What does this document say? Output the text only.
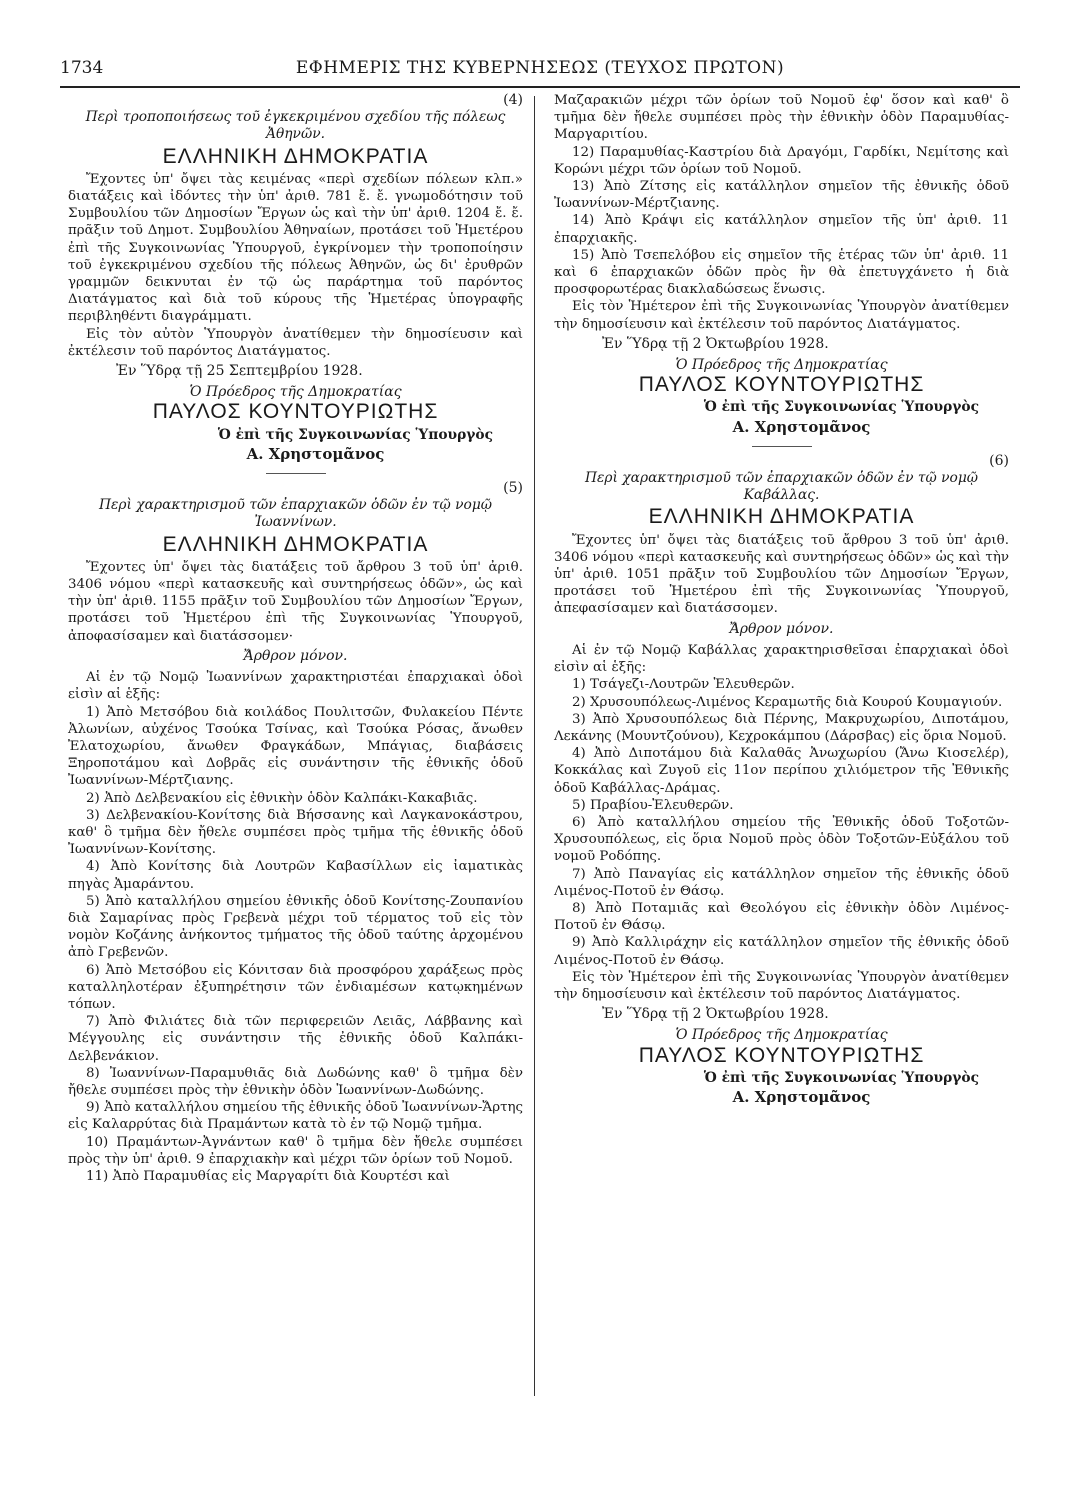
1734	ΕΦΗΜΕΡΙΣ ΤΗΣ ΚΥΒΕΡΝΗΣΕΩΣ (ΤΕΥΧΟΣ ΠΡΩΤΟΝ)

(4)

Περὶ τροποποιήσεως τοῦ ἐγκεκριμένου σχεδίου τῆς πόλεως Ἀθηνῶν.

ΕΛΛΗΝΙΚΗ ΔΗΜΟΚΡΑΤΙΑ

Ἔχοντες ὑπ' ὄψει τὰς κειμένας «περὶ σχεδίων πόλεων κλπ.» διατάξεις καὶ ἰδόντες τὴν ὑπ' ἀριθ. 781 ἔ. ἔ. γνωμοδότησιν τοῦ Συμβουλίου τῶν Δημοσίων Ἔργων ὡς καὶ τὴν ὑπ' ἀριθ. 1204 ἔ. ἔ. πρᾶξιν τοῦ Δημοτ. Συμβουλίου Ἀθηναίων, προτάσει τοῦ Ἡμετέρου ἐπὶ τῆς Συγκοινωνίας Ὑπουργοῦ, ἐγκρίνομεν τὴν τροποποίησιν τοῦ ἐγκεκριμένου σχεδίου τῆς πόλεως Ἀθηνῶν, ὡς δι' ἐρυθρῶν γραμμῶν δεικνυται ἐν τῷ ὡς παράρτημα τοῦ παρόντος Διατάγματος καὶ διὰ τοῦ κύρους τῆς Ἡμετέρας ὑπογραφῆς περιβληθέντι διαγράμματι.

Εἰς τὸν αὐτὸν Ὑπουργὸν ἀνατίθεμεν τὴν δημοσίευσιν καὶ ἐκτέλεσιν τοῦ παρόντος Διατάγματος.

Ἐν Ὕδρᾳ τῇ 25 Σεπτεμβρίου 1928.

Ὁ Πρόεδρος τῆς Δημοκρατίας

ΠΑΥΛΟΣ ΚΟΥΝΤΟΥΡΙΩΤΗΣ

Ὁ ἐπὶ τῆς Συγκοινωνίας Ὑπουργὸς

Α. Χρηστομᾶνος

(5)

Περὶ χαρακτηρισμοῦ τῶν ἐπαρχιακῶν ὁδῶν ἐν τῷ νομῷ Ἰωαννίνων.

ΕΛΛΗΝΙΚΗ ΔΗΜΟΚΡΑΤΙΑ

Ἔχοντες ὑπ' ὄψει τὰς διατάξεις τοῦ ἄρθρου 3 τοῦ ὑπ' ἀριθ. 3406 νόμου «περὶ κατασκευῆς καὶ συντηρήσεως ὁδῶν», ὡς καὶ τὴν ὑπ' ἀριθ. 1155 πρᾶξιν τοῦ Συμβουλίου τῶν Δημοσίων Ἔργων, προτάσει τοῦ Ἡμετέρου ἐπὶ τῆς Συγκοινωνίας Ὑπουργοῦ, ἀποφασίσαμεν καὶ διατάσσομεν·

Ἄρθρον μόνον.

Αἱ ἐν τῷ Νομῷ Ἰωαννίνων χαρακτηριστέαι ἐπαρχιακαὶ ὁδοὶ εἰσὶν αἱ ἑξῆς:

1) Ἀπὸ Μετσόβου διὰ κοιλάδος Πουλιτσῶν, Φυλακείου Πέντε Ἀλωνίων, αὐχένος Τσούκα Τσίνας, καὶ Τσούκα Ρόσας, ἄνωθεν Ἐλατοχωρίου, ἄνωθεν Φραγκάδων, Μπάγιας, διαβάσεις Ξηροποτάμου καὶ Δοβρᾶς εἰς συνάντησιν τῆς ἐθνικῆς ὁδοῦ Ἰωαννίνων-Μέρτζιανης.

2) Ἀπὸ Δελβενακίου εἰς ἐθνικὴν ὁδὸν Καλπάκι-Κακαβιᾶς.

3) Δελβενακίου-Κονίτσης διὰ Βήσσανης καὶ Λαγκανοκάστρου, καθ' ὃ τμῆμα δὲν ἤθελε συμπέσει πρὸς τμῆμα τῆς ἐθνικῆς ὁδοῦ Ἰωαννίνων-Κονίτσης.

4) Ἀπὸ Κονίτσης διὰ Λουτρῶν Καβασίλλων εἰς ἰαματικὰς πηγὰς Ἀμαράντου.

5) Ἀπὸ καταλλήλου σημείου ἐθνικῆς ὁδοῦ Κονίτσης-Ζουπανίου διὰ Σαμαρίνας πρὸς Γρεβενὰ μέχρι τοῦ τέρματος τοῦ εἰς τὸν νομὸν Κοζάνης ἀνήκοντος τμήματος τῆς ὁδοῦ ταύτης ἀρχομένου ἀπὸ Γρεβενῶν.

6) Ἀπὸ Μετσόβου εἰς Κόνιτσαν διὰ προσφόρου χαράξεως πρὸς καταλληλοτέραν ἐξυπηρέτησιν τῶν ἐνδιαμέσων κατῳκημένων τόπων.

7) Ἀπὸ Φιλιάτες διὰ τῶν περιφερειῶν Λειᾶς, Λάββανης καὶ Μέγγουλης εἰς συνάντησιν τῆς ἐθνικῆς ὁδοῦ Καλπάκι-Δελβενάκιον.

8) Ἰωαννίνων-Παραμυθιᾶς διὰ Δωδώνης καθ' ὃ τμῆμα δὲν ἤθελε συμπέσει πρὸς τὴν ἐθνικὴν ὁδὸν Ἰωαννίνων-Δωδώνης.

9) Ἀπὸ καταλλήλου σημείου τῆς ἐθνικῆς ὁδοῦ Ἰωαννίνων-Ἄρτης εἰς Καλαρρύτας διὰ Πραμάντων κατὰ τὸ ἐν τῷ Νομῷ τμῆμα.

10) Πραμάντων-Ἀγνάντων καθ' ὃ τμῆμα δὲν ἤθελε συμπέσει πρὸς τὴν ὑπ' ἀριθ. 9 ἐπαρχιακὴν καὶ μέχρι τῶν ὁρίων τοῦ Νομοῦ.

11) Ἀπὸ Παραμυθίας εἰς Μαργαρίτι διὰ Κουρτέσι καὶ

Μαζαρακιῶν μέχρι τῶν ὁρίων τοῦ Νομοῦ ἐφ' ὅσον καὶ καθ' ὃ τμῆμα δὲν ἤθελε συμπέσει πρὸς τὴν ἐθνικὴν ὁδὸν Παραμυθίας-Μαργαριτίου.

12) Παραμυθίας-Καστρίου διὰ Δραγόμι, Γαρδίκι, Νεμίτσης καὶ Κορώνι μέχρι τῶν ὁρίων τοῦ Νομοῦ.

13) Ἀπὸ Ζίτσης εἰς κατάλληλον σημεῖον τῆς ἐθνικῆς ὁδοῦ Ἰωαννίνων-Μέρτζιανης.

14) Ἀπὸ Κράψι εἰς κατάλληλον σημεῖον τῆς ὑπ' ἀριθ. 11 ἐπαρχιακῆς.

15) Ἀπὸ Τσεπελόβου εἰς σημεῖον τῆς ἑτέρας τῶν ὑπ' ἀριθ. 11 καὶ 6 ἐπαρχιακῶν ὁδῶν πρὸς ἣν θὰ ἐπετυγχάνετο ἡ διὰ προσφορωτέρας διακλαδώσεως ἕνωσις.

Εἰς τὸν Ἡμέτερον ἐπὶ τῆς Συγκοινωνίας Ὑπουργὸν ἀνατίθεμεν τὴν δημοσίευσιν καὶ ἐκτέλεσιν τοῦ παρόντος Διατάγματος.

Ἐν Ὕδρᾳ τῇ 2 Ὀκτωβρίου 1928.

Ὁ Πρόεδρος τῆς Δημοκρατίας

ΠΑΥΛΟΣ ΚΟΥΝΤΟΥΡΙΩΤΗΣ

Ὁ ἐπὶ τῆς Συγκοινωνίας Ὑπουργὸς

Α. Χρηστομᾶνος

(6)

Περὶ χαρακτηρισμοῦ τῶν ἐπαρχιακῶν ὁδῶν ἐν τῷ νομῷ Καβάλλας.

ΕΛΛΗΝΙΚΗ ΔΗΜΟΚΡΑΤΙΑ

Ἔχοντες ὑπ' ὄψει τὰς διατάξεις τοῦ ἄρθρου 3 τοῦ ὑπ' ἀριθ. 3406 νόμου «περὶ κατασκευῆς καὶ συντηρήσεως ὁδῶν» ὡς καὶ τὴν ὑπ' ἀριθ. 1051 πρᾶξιν τοῦ Συμβουλίου τῶν Δημοσίων Ἔργων, προτάσει τοῦ Ἡμετέρου ἐπὶ τῆς Συγκοινωνίας Ὑπουργοῦ, ἀπεφασίσαμεν καὶ διατάσσομεν.

Ἄρθρον μόνον.

Αἱ ἐν τῷ Νομῷ Καβάλλας χαρακτηρισθεῖσαι ἐπαρχιακαὶ ὁδοὶ εἰσὶν αἱ ἑξῆς:

1) Τσάγεζι-Λουτρῶν Ἐλευθερῶν.

2) Χρυσουπόλεως-Λιμένος Κεραμωτῆς διὰ Κουρού Κουμαγιούν.

3) Ἀπὸ Χρυσουπόλεως διὰ Πέρνης, Μακρυχωρίου, Διποτάμου, Λεκάνης (Μουντζούνου), Κεχροκάμπου (Δάρσβας) εἰς ὅρια Νομοῦ.

4) Ἀπὸ Διποτάμου διὰ Καλαθᾶς Ἀνωχωρίου (Ἄνω Κιοσελέρ), Κοκκάλας καὶ Ζυγοῦ εἰς 11ον περίπου χιλιόμετρον τῆς Ἐθνικῆς ὁδοῦ Καβάλλας-Δράμας.

5) Πραβίου-Ἐλευθερῶν.

6) Ἀπὸ καταλλήλου σημείου τῆς Ἐθνικῆς ὁδοῦ Τοξοτῶν-Χρυσουπόλεως, εἰς ὅρια Νομοῦ πρὸς ὁδὸν Τοξοτῶν-Εὐξάλου τοῦ νομοῦ Ροδόπης.

7) Ἀπὸ Παναγίας εἰς κατάλληλον σημεῖον τῆς ἐθνικῆς ὁδοῦ Λιμένος-Ποτοῦ ἐν Θάσῳ.

8) Ἀπὸ Ποταμιᾶς καὶ Θεολόγου εἰς ἐθνικὴν ὁδὸν Λιμένος-Ποτοῦ ἐν Θάσῳ.

9) Ἀπὸ Καλλιράχην εἰς κατάλληλον σημεῖον τῆς ἐθνικῆς ὁδοῦ Λιμένος-Ποτοῦ ἐν Θάσῳ.

Εἰς τὸν Ἡμέτερον ἐπὶ τῆς Συγκοινωνίας Ὑπουργὸν ἀνατίθεμεν τὴν δημοσίευσιν καὶ ἐκτέλεσιν τοῦ παρόντος Διατάγματος.

Ἐν Ὕδρᾳ τῇ 2 Ὀκτωβρίου 1928.

Ὁ Πρόεδρος τῆς Δημοκρατίας

ΠΑΥΛΟΣ ΚΟΥΝΤΟΥΡΙΩΤΗΣ

Ὁ ἐπὶ τῆς Συγκοινωνίας Ὑπουργὸς

Α. Χρηστομᾶνος
